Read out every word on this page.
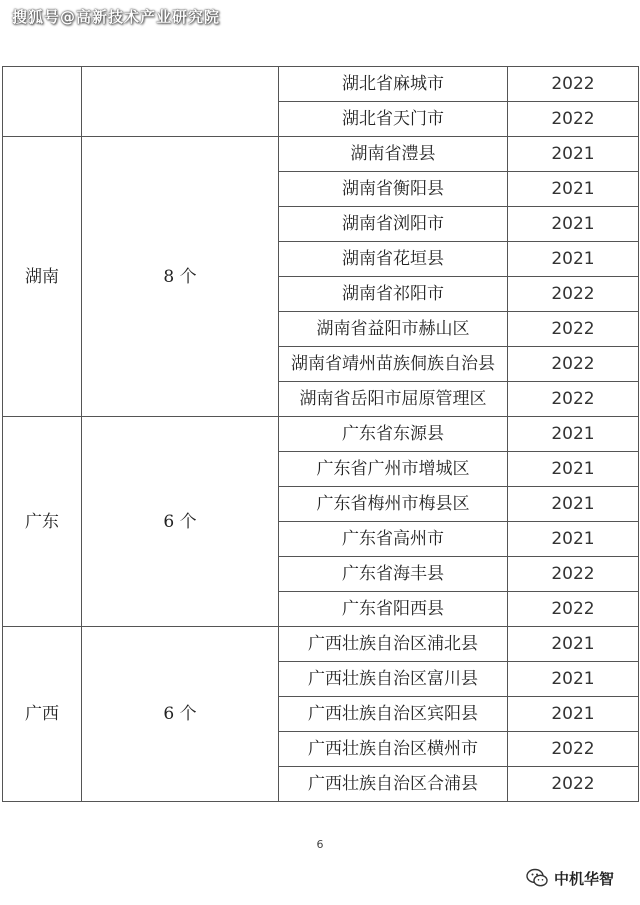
搜狐号@高新技术产业研究院
		湖北省麻城市	2022
		湖北省天门市	2022
湖南	8 个	湖南省澧县	2021
		湖南省衡阳县	2021
		湖南省浏阳市	2021
		湖南省花垣县	2021
		湖南省祁阳市	2022
		湖南省益阳市赫山区	2022
		湖南省靖州苗族侗族自治县	2022
		湖南省岳阳市屈原管理区	2022
广东	6 个	广东省东源县	2021
		广东省广州市增城区	2021
		广东省梅州市梅县区	2021
		广东省高州市	2021
		广东省海丰县	2022
		广东省阳西县	2022
广西	6 个	广西壮族自治区浦北县	2021
		广西壮族自治区富川县	2021
		广西壮族自治区宾阳县	2021
		广西壮族自治区横州市	2022
		广西壮族自治区合浦县	2022
6
中机华智
